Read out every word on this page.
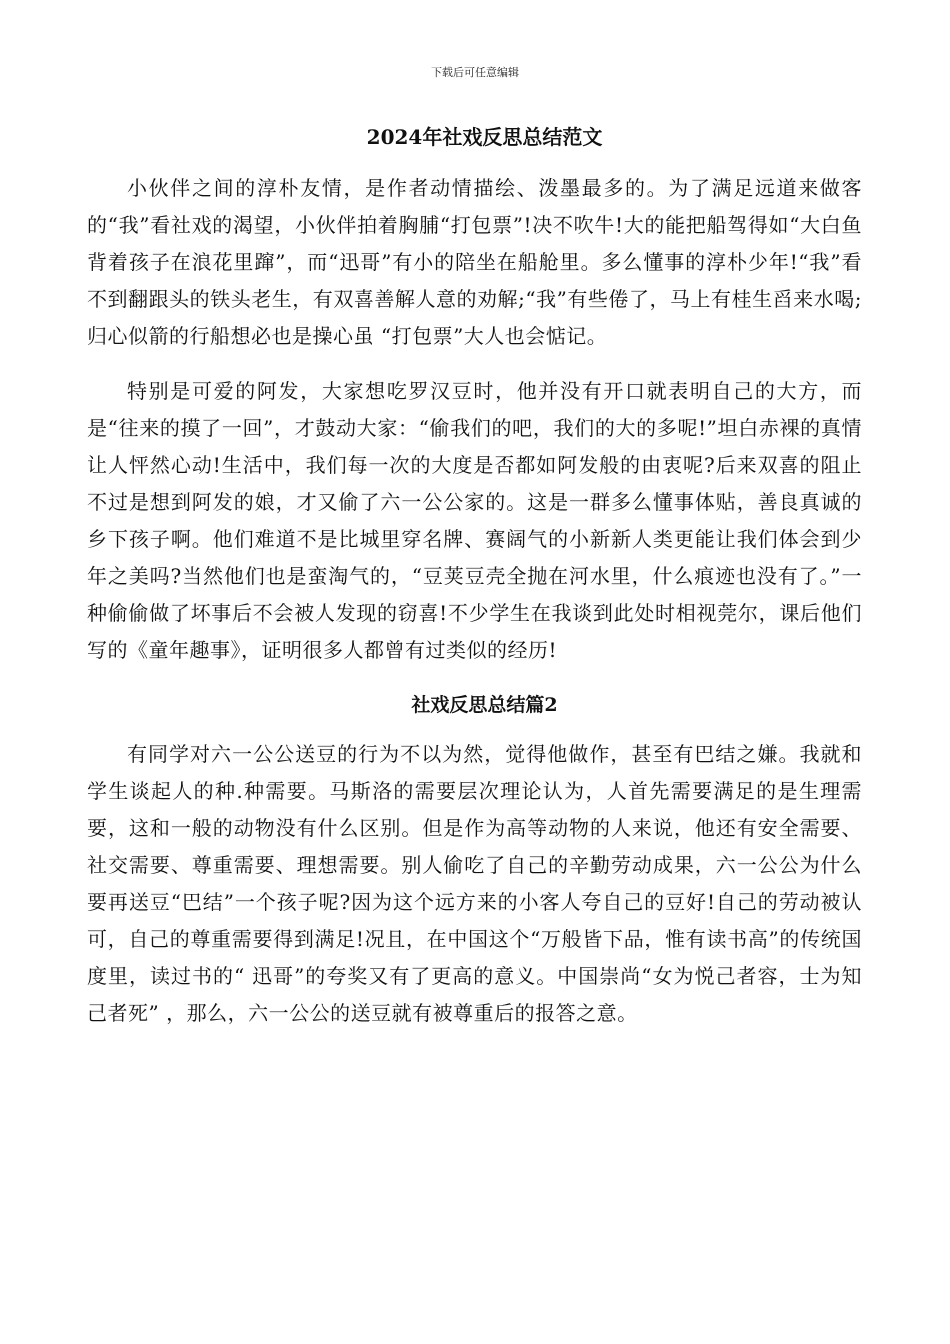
下载后可任意编辑
2024年社戏反思总结范文

小伙伴之间的淳朴友情，是作者动情描绘、泼墨最多的。为了满足远道来做客的“我”看社戏的渴望，小伙伴拍着胸脯“打包票”!决不吹牛!大的能把船驾得如“大白鱼背着孩子在浪花里蹿”，而“迅哥”有小的陪坐在船舱里。多么懂事的淳朴少年!“我”看不到翻跟头的铁头老生，有双喜善解人意的劝解;“我”有些倦了，马上有桂生舀来水喝;归心似箭的行船想必也是操心虽 “打包票”大人也会惦记。

特别是可爱的阿发，大家想吃罗汉豆时，他并没有开口就表明自己的大方，而是“往来的摸了一回”，才鼓动大家：“偷我们的吧，我们的大的多呢!”坦白赤裸的真情让人怦然心动!生活中，我们每一次的大度是否都如阿发般的由衷呢?后来双喜的阻止不过是想到阿发的娘，才又偷了六一公公家的。这是一群多么懂事体贴，善良真诚的乡下孩子啊。他们难道不是比城里穿名牌、赛阔气的小新新人类更能让我们体会到少年之美吗?当然他们也是蛮淘气的，“豆荚豆壳全抛在河水里，什么痕迹也没有了。”一种偷偷做了坏事后不会被人发现的窃喜!不少学生在我谈到此处时相视莞尔，课后他们写的《童年趣事》，证明很多人都曾有过类似的经历!

社戏反思总结篇2

有同学对六一公公送豆的行为不以为然，觉得他做作，甚至有巴结之嫌。我就和学生谈起人的种.种需要。马斯洛的需要层次理论认为，人首先需要满足的是生理需要，这和一般的动物没有什么区别。但是作为高等动物的人来说，他还有安全需要、社交需要、尊重需要、理想需要。别人偷吃了自己的辛勤劳动成果，六一公公为什么要再送豆“巴结”一个孩子呢?因为这个远方来的小客人夸自己的豆好!自己的劳动被认可，自己的尊重需要得到满足!况且，在中国这个“万般皆下品，惟有读书高”的传统国度里，读过书的“ 迅哥”的夸奖又有了更高的意义。中国崇尚“女为悦己者容，士为知己者死” ，那么，六一公公的送豆就有被尊重后的报答之意。
